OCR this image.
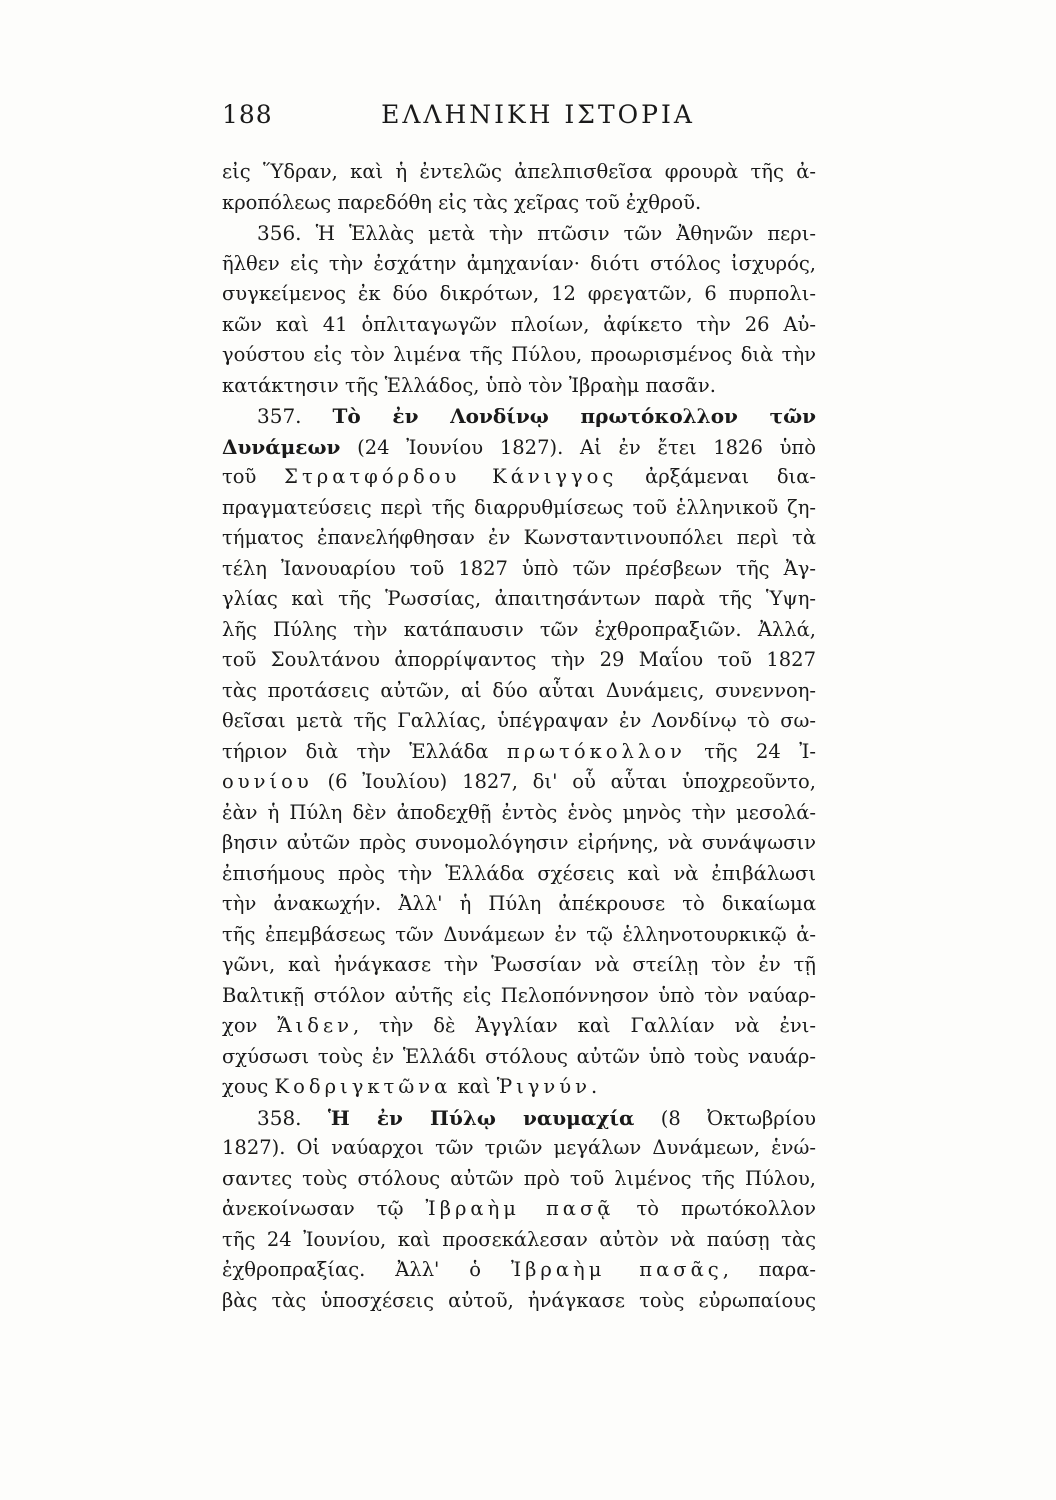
188	ΕΛΛΗΝΙΚΗ ΙΣΤΟΡΙΑ
εἰς Ὕδραν, καὶ ἡ ἐντελῶς ἀπελπισθεῖσα φρουρὰ τῆς ἀ-
κροπόλεως παρεδόθη εἰς τὰς χεῖρας τοῦ ἐχθροῦ.
356. Ἡ Ἑλλὰς μετὰ τὴν πτῶσιν τῶν Ἀθηνῶν περι-
ῆλθεν εἰς τὴν ἐσχάτην ἀμηχανίαν· διότι στόλος ἰσχυρός,
συγκείμενος ἐκ δύο δικρότων, 12 φρεγατῶν, 6 πυρπολι-
κῶν καὶ 41 ὁπλιταγωγῶν πλοίων, ἀφίκετο τὴν 26 Αὐ-
γούστου εἰς τὸν λιμένα τῆς Πύλου, προωρισμένος διὰ τὴν
κατάκτησιν τῆς Ἑλλάδος, ὑπὸ τὸν Ἰβραὴμ πασᾶν.
357. Τὸ ἐν Λονδίνῳ πρωτόκολλον τῶν
Δυνάμεων (24 Ἰουνίου 1827). Αἱ ἐν ἔτει 1826 ὑπὸ
τοῦ Στρατφόρδου Κάνιγγος ἀρξάμεναι δια-
πραγματεύσεις περὶ τῆς διαρρυθμίσεως τοῦ ἑλληνικοῦ ζη-
τήματος ἐπανελήφθησαν ἐν Κωνσταντινουπόλει περὶ τὰ
τέλη Ἰανουαρίου τοῦ 1827 ὑπὸ τῶν πρέσβεων τῆς Ἀγ-
γλίας καὶ τῆς Ῥωσσίας, ἀπαιτησάντων παρὰ τῆς Ὑψη-
λῆς Πύλης τὴν κατάπαυσιν τῶν ἐχθροπραξιῶν. Ἀλλά,
τοῦ Σουλτάνου ἀπορρίψαντος τὴν 29 Μαΐου τοῦ 1827
τὰς προτάσεις αὐτῶν, αἱ δύο αὗται Δυνάμεις, συνεννοη-
θεῖσαι μετὰ τῆς Γαλλίας, ὑπέγραψαν ἐν Λονδίνῳ τὸ σω-
τήριον διὰ τὴν Ἑλλάδα πρωτόκολλον τῆς 24 Ἰ-
ουνίου (6 Ἰουλίου) 1827, δι' οὗ αὗται ὑποχρεοῦντο,
ἐὰν ἡ Πύλη δὲν ἀποδεχθῇ ἐντὸς ἑνὸς μηνὸς τὴν μεσολά-
βησιν αὐτῶν πρὸς συνομολόγησιν εἰρήνης, νὰ συνάψωσιν
ἐπισήμους πρὸς τὴν Ἑλλάδα σχέσεις καὶ νὰ ἐπιβάλωσι
τὴν ἀνακωχήν. Ἀλλ' ἡ Πύλη ἀπέκρουσε τὸ δικαίωμα
τῆς ἐπεμβάσεως τῶν Δυνάμεων ἐν τῷ ἑλληνοτουρκικῷ ἀ-
γῶνι, καὶ ἠνάγκασε τὴν Ῥωσσίαν νὰ στείλῃ τὸν ἐν τῇ
Βαλτικῇ στόλον αὐτῆς εἰς Πελοπόννησον ὑπὸ τὸν ναύαρ-
χον Ἄιδεν, τὴν δὲ Ἀγγλίαν καὶ Γαλλίαν νὰ ἐνι-
σχύσωσι τοὺς ἐν Ἑλλάδι στόλους αὐτῶν ὑπὸ τοὺς ναυάρ-
χους Κοδριγκτῶνα καὶ Ῥιγνύν.
358. Ἡ ἐν Πύλῳ ναυμαχία (8 Ὀκτωβρίου
1827). Οἱ ναύαρχοι τῶν τριῶν μεγάλων Δυνάμεων, ἑνώ-
σαντες τοὺς στόλους αὐτῶν πρὸ τοῦ λιμένος τῆς Πύλου,
ἀνεκοίνωσαν τῷ Ἰβραὴμ πασᾷ τὸ πρωτόκολλον
τῆς 24 Ἰουνίου, καὶ προσεκάλεσαν αὐτὸν νὰ παύσῃ τὰς
ἐχθροπραξίας. Ἀλλ' ὁ Ἰβραὴμ πασᾶς, παρα-
βὰς τὰς ὑποσχέσεις αὐτοῦ, ἠνάγκασε τοὺς εὐρωπαίους
